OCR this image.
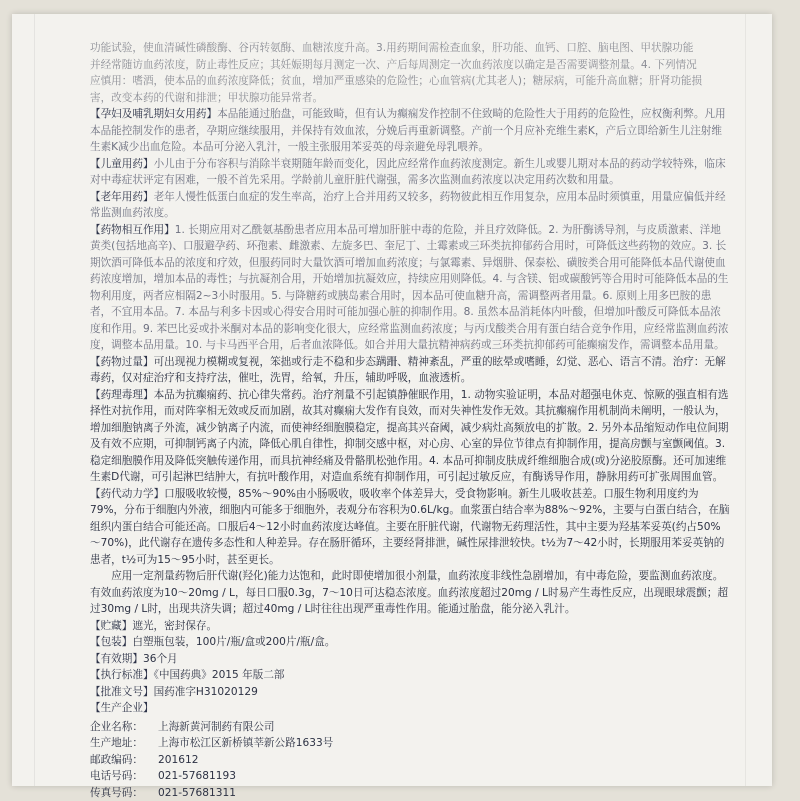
功能试验，使血清碱性磷酸酶、谷丙转氨酶、血糖浓度升高。3.用药期间需检查血象，肝功能、血钙、口腔、脑电图、甲状腺功能
并经常随访血药浓度，防止毒性反应；其妊娠期每月测定一次、产后每周测定一次血药浓度以确定是否需要调整剂量。4. 下列情况
应慎用：嗜酒，使本品的血药浓度降低；贫血，增加严重感染的危险性；心血管病(尤其老人)；糖尿病，可能升高血糖；肝肾功能损
害，改变本药的代谢和排泄；甲状腺功能异常者。

【 孕妇及哺乳期妇女用药 】 本品能通过胎盘，可能致畸，但有认为癫痫发作控制不住致畸的危险性大于用药的危险性，应权衡利弊。凡用本品能控制发作的患者，孕期应继续服用，并保持有效血浓，分娩后再重新调整。产前一个月应补充维生素K，产后立即给新生儿注射维生素K减少出血危险。本品可分泌入乳汁，一般主张服用苯妥英的母亲避免母乳喂养。

【 儿童用药 】 小儿由于分布容积与消除半衰期随年龄而变化，因此应经常作血药浓度测定。新生儿或婴儿期对本品的药动学较特殊，临床对中毒症状评定有困难，一般不首先采用。学龄前儿童肝脏代谢强，需多次监测血药浓度以决定用药次数和用量。

【 老年用药 】 老年人慢性低蛋白血症的发生率高，治疗上合并用药又较多，药物彼此相互作用复杂，应用本品时须慎重，用量应偏低并经常监测血药浓度。

【 药物相互作用 】 1. 长期应用对乙酰氨基酚患者应用本品可增加肝脏中毒的危险，并且疗效降低。2. 为肝酶诱导剂，与皮质激素、洋地黄类(包括地高辛)、口服避孕药、环孢素、雌激素、左旋多巴、奎尼丁、土霉素或三环类抗抑郁药合用时，可降低这些药物的效应。3. 长期饮酒可降低本品的浓度和疗效，但服药同时大量饮酒可增加血药浓度；与氯霉素、异烟肼、保泰松、磺胺类合用可能降低本品代谢使血药浓度增加，增加本品的毒性；与抗凝剂合用，开始增加抗凝效应，持续应用则降低。4. 与含镁、铝或碳酸钙等合用时可能降低本品的生物利用度，两者应相隔2~3小时服用。5. 与降糖药或胰岛素合用时，因本品可使血糖升高，需调整两者用量。6. 原则上用多巴胺的患者，不宜用本品。7. 本品与利多卡因或心得安合用时可能加强心脏的抑制作用。8. 虽然本品消耗体内叶酸，但增加叶酸反可降低本品浓度和作用。9. 苯巴比妥或扑米酮对本品的影响变化很大，应经常监测血药浓度；与丙戊酸类合用有蛋白结合竞争作用，应经常监测血药浓度，调整本品用量。10. 与卡马西平合用，后者血浓降低。如合并用大量抗精神病药或三环类抗抑郁药可能癫痫发作，需调整本品用量。

【 药物过量 】 可出现视力模糊或复视，笨拙或行走不稳和步态蹒跚、精神紊乱，严重的眩晕或嗜睡，幻觉、恶心、语言不清。治疗：无解毒药，仅对症治疗和支持疗法，催吐，洗胃，给氧，升压，辅助呼吸，血液透析。

【 药理毒理 】 本品为抗癫痫药、抗心律失常药。治疗剂量不引起镇静催眠作用，1. 动物实验证明，本品对超强电休克、惊厥的强直相有选择性对抗作用，而对阵挛相无效或反而加剧，故其对癫痫大发作有良效，而对失神性发作无效。其抗癫痫作用机制尚未阐明，一般认为，增加细胞钠离子外流，减少钠离子内流，而使神经细胞膜稳定，提高其兴奋阈，减少病灶高频放电的扩散。2. 另外本品缩短动作电位间期及有效不应期，可抑制钙离子内流，降低心肌自律性，抑制交感中枢，对心房、心室的异位节律点有抑制作用，提高房颤与室颤阈值。3. 稳定细胞膜作用及降低突触传递作用，而具抗神经痛及骨骼肌松弛作用。4. 本品可抑制皮肤成纤维细胞合成(或)分泌胶原酶。还可加速维生素D代谢，可引起淋巴结肿大，有抗叶酸作用，对造血系统有抑制作用，可引起过敏反应，有酶诱导作用，静脉用药可扩张周围血管。

【 药代动力学 】 口服吸收较慢，85%～90%由小肠吸收，吸收率个体差异大，受食物影响。新生儿吸收甚差。口服生物利用度约为79%，分布于细胞内外液，细胞内可能多于细胞外，表观分布容积为0.6L/kg。血浆蛋白结合率为88%～92%，主要与白蛋白结合，在脑组织内蛋白结合可能还高。口服后4～12小时血药浓度达峰值。主要在肝脏代谢，代谢物无药理活性，其中主要为羟基苯妥英(约占50%～70%)，此代谢存在遗传多态性和人种差异。存在肠肝循环，主要经肾排泄，碱性尿排泄较快。t½为7～42小时，长期服用苯妥英钠的患者，t½可为15～95小时，甚至更长。

  应用一定剂量药物后肝代谢(羟化)能力达饱和，此时即使增加很小剂量，血药浓度非线性急剧增加，有中毒危险，要监测血药浓度。有效血药浓度为10～20mg / L，每日口服0.3g，7～10日可达稳态浓度。血药浓度超过20mg / L时易产生毒性反应，出现眼球震颤；超过30mg / L时，出现共济失调；超过40mg / L时往往出现严重毒性作用。能通过胎盘，能分泌入乳汁。

【 贮藏 】 遮光，密封保存。
【 包装 】 白塑瓶包装，100片/瓶/盒或200片/瓶/盒。
【 有效期 】 36个月
【 执行标准 】 《中国药典》2015 年版二部
【 批准文号 】 国药准字H31020129
【 生产企业 】
企业名称：	上海新黄河制药有限公司
生产地址：	上海市松江区新桥镇莘新公路1633号
邮政编码：	201612
电话号码：	021-57681193
传真号码：	021-57681311
